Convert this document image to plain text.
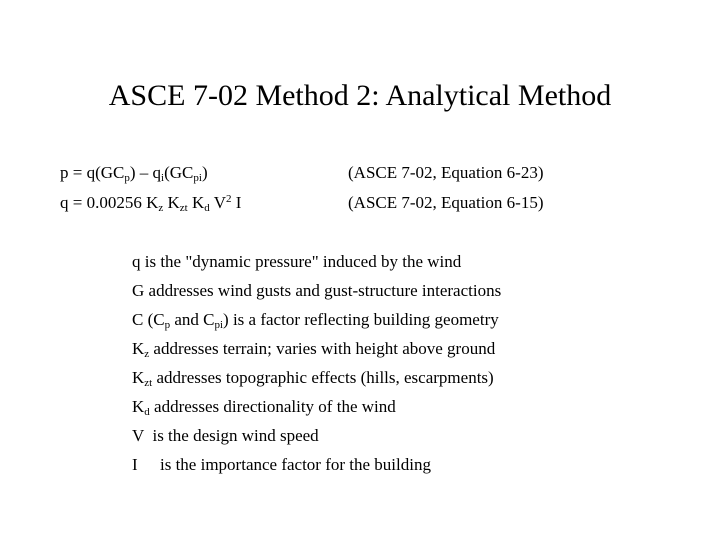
ASCE 7-02 Method 2: Analytical Method
$p = q(GC_p) - q_i(GC_{pi})$	(ASCE 7-02, Equation 6-23)
q = 0.00256 $K_z$ $K_{zt}$ $K_d$ $V^2$ I	(ASCE 7-02, Equation 6-15)
q is the "dynamic pressure" induced by the wind
G addresses wind gusts and gust-structure interactions
C ($C_p$ and $C_{pi}$) is a factor reflecting building geometry
$K_z$ addresses terrain; varies with height above ground
$K_{zt}$ addresses topographic effects (hills, escarpments)
$K_d$ addresses directionality of the wind
V  is the design wind speed
I is the importance factor for the building
